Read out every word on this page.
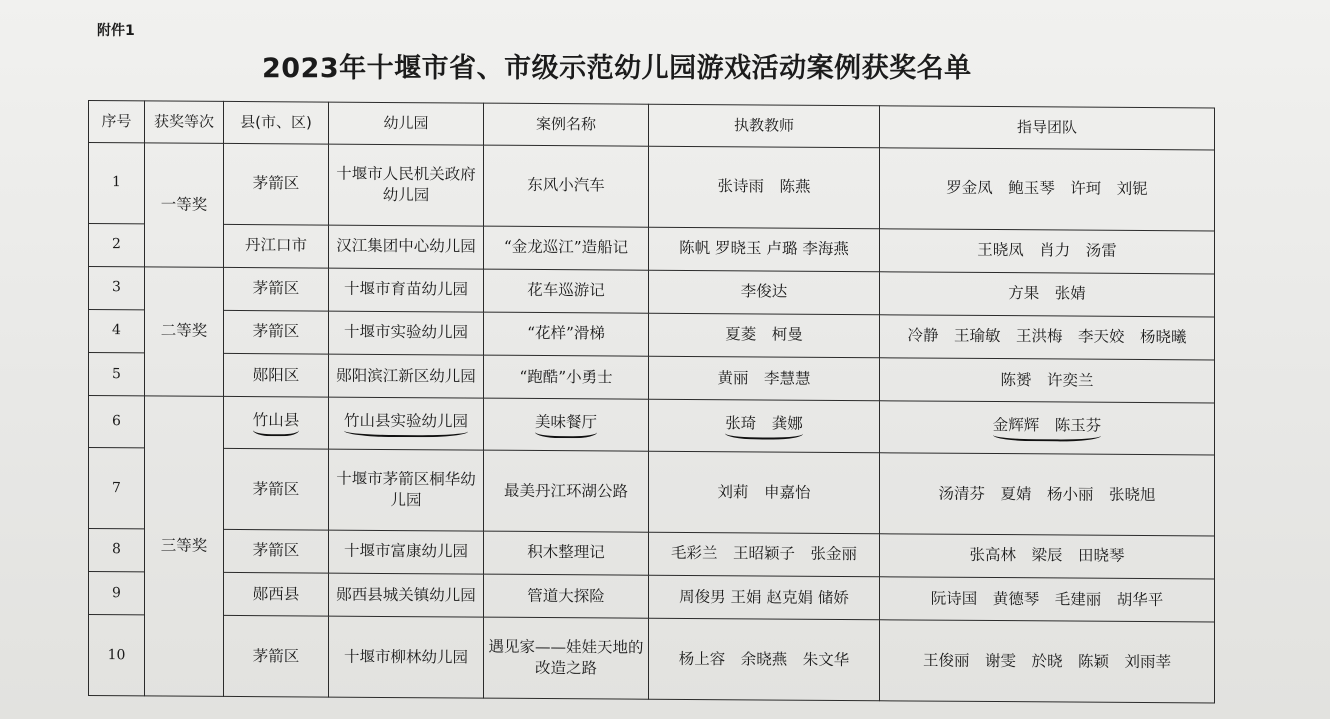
附件1
2023年十堰市省、市级示范幼儿园游戏活动案例获奖名单
序号	获奖等次	县(市、区)	幼儿园	案例名称	执教教师	指导团队
1	一等奖	茅箭区	十堰市人民机关政府幼儿园	东风小汽车	张诗雨　陈燕	罗金凤　鲍玉琴　许珂　刘铌
2		丹江口市	汉江集团中心幼儿园	“金龙巡江”造船记	陈帆 罗晓玉 卢璐 李海燕	王晓凤　肖力　汤雷
3	二等奖	茅箭区	十堰市育苗幼儿园	花车巡游记	李俊达	方果　张婧
4		茅箭区	十堰市实验幼儿园	“花样”滑梯	夏菱　柯曼	冷静　王瑜敏　王洪梅　李天姣　杨晓曦
5		郧阳区	郧阳滨江新区幼儿园	“跑酷”小勇士	黄丽　李慧慧	陈赟　许奕兰
6	三等奖	竹山县	竹山县实验幼儿园	美味餐厅	张琦　龚娜	金辉辉　陈玉芬
7		茅箭区	十堰市茅箭区桐华幼儿园	最美丹江环湖公路	刘莉　申嘉怡	汤清芬　夏婧　杨小丽　张晓旭
8		茅箭区	十堰市富康幼儿园	积木整理记	毛彩兰　王昭颖子　张金丽	张高林　梁辰　田晓琴
9		郧西县	郧西县城关镇幼儿园	管道大探险	周俊男 王娟 赵克娟 储娇	阮诗国　黄德琴　毛建丽　胡华平
10		茅箭区	十堰市柳林幼儿园	遇见家——娃娃天地的改造之路	杨上容　余晓燕　朱文华	王俊丽　谢雯　於晓　陈颖　刘雨莘
